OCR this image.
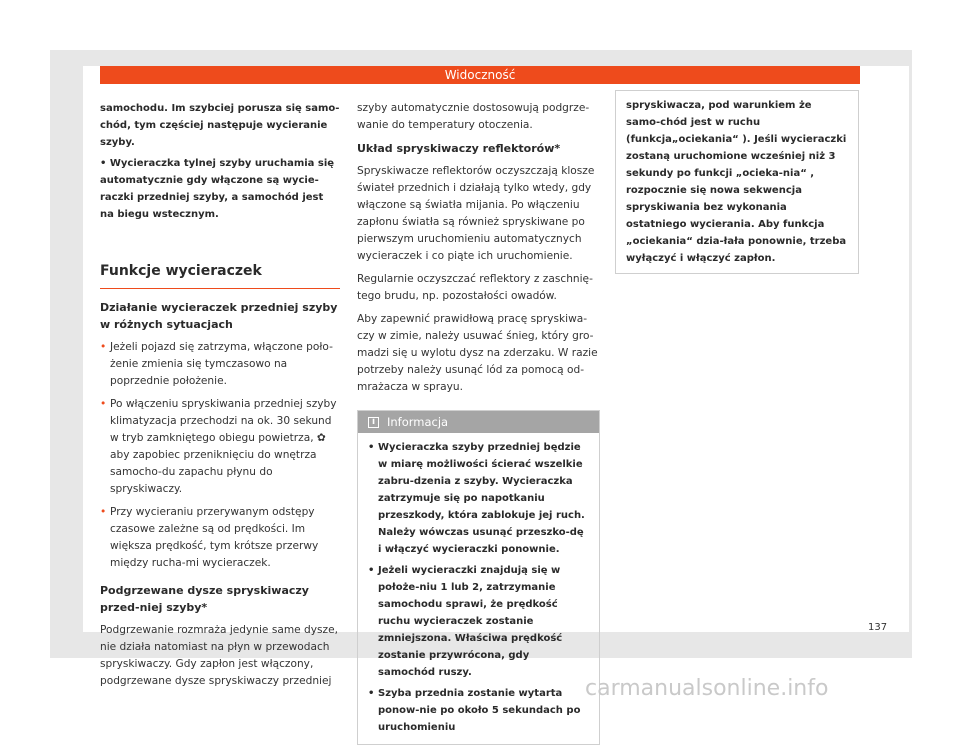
Widoczność

samochodu. Im szybciej porusza się samo-chód, tym częściej następuje wycieranie szyby.

• Wycieraczka tylnej szyby uruchamia się automatycznie gdy włączone są wycie-raczki przedniej szyby, a samochód jest na biegu wstecznym.

Funkcje wycieraczek
Działanie wycieraczek przedniej szyby w różnych sytuacjach

• Jeżeli pojazd się zatrzyma, włączone poło-żenie zmienia się tymczasowo na poprzednie położenie.

• Po włączeniu spryskiwania przedniej szyby klimatyzacja przechodzi na ok. 30 sekund w tryb zamkniętego obiegu powietrza, ✿ aby zapobiec przeniknięciu do wnętrza samocho-du zapachu płynu do spryskiwaczy.

• Przy wycieraniu przerywanym odstępy czasowe zależne są od prędkości. Im większa prędkość, tym krótsze przerwy między rucha-mi wycieraczek.

Podgrzewane dysze spryskiwaczy przed-niej szyby*

Podgrzewanie rozmraża jedynie same dysze, nie działa natomiast na płyn w przewodach spryskiwaczy. Gdy zapłon jest włączony, podgrzewane dysze spryskiwaczy przedniej

szyby automatycznie dostosowują podgrze-wanie do temperatury otoczenia.

Układ spryskiwaczy reflektorów*

Spryskiwacze reflektorów oczyszczają klosze świateł przednich i działają tylko wtedy, gdy włączone są światła mijania. Po włączeniu zapłonu światła są również spryskiwane po pierwszym uruchomieniu automatycznych wycieraczek i co piąte ich uruchomienie.

Regularnie oczyszczać reflektory z zaschnię-tego brudu, np. pozostałości owadów.

Aby zapewnić prawidłową pracę spryskiwa-czy w zimie, należy usuwać śnieg, który gro-madzi się u wylotu dysz na zderzaku. W razie potrzeby należy usunąć lód za pomocą od-mrażacza w sprayu.

i	Informacja

• Wycieraczka szyby przedniej będzie w miarę możliwości ścierać wszelkie zabru-dzenia z szyby. Wycieraczka zatrzymuje się po napotkaniu przeszkody, która zablokuje jej ruch. Należy wówczas usunąć przeszko-dę i włączyć wycieraczki ponownie.

• Jeżeli wycieraczki znajdują się w położe-niu 1 lub 2, zatrzymanie samochodu sprawi, że prędkość ruchu wycieraczek zostanie zmniejszona. Właściwa prędkość zostanie przywrócona, gdy samochód ruszy.

• Szyba przednia zostanie wytarta ponow-nie po około 5 sekundach po uruchomieniu

spryskiwacza, pod warunkiem że samo-chód jest w ruchu (funkcja„ociekania“ ). Jeśli wycieraczki zostaną uruchomione wcześniej niż 3 sekundy po funkcji „ocieka-nia“ , rozpocznie się nowa sekwencja spryskiwania bez wykonania ostatniego wycierania. Aby funkcja „ociekania“ dzia-łała ponownie, trzeba wyłączyć i włączyć zapłon.

137
carmanualsonline.info
